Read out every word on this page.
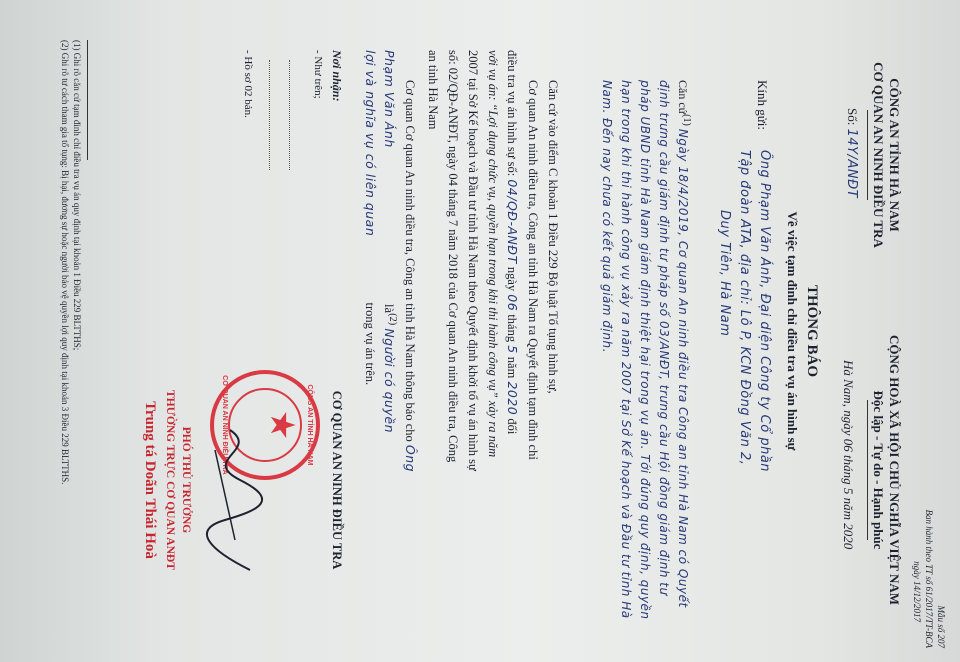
Mẫu số 207
Ban hành theo TT số 61/2017/TT-BCA
ngày 14/12/2017
CÔNG AN TỈNH HÀ NAM
CƠ QUAN AN NINH ĐIỀU TRA
Số: 14Y/ANĐT
CỘNG HOÀ XÃ HỘI CHỦ NGHĨA VIỆT NAM
Độc lập - Tự do - Hạnh phúc
Hà Nam, ngày 06 tháng 5 năm 2020
THÔNG BÁO
Về việc tạm đình chỉ điều tra vụ án hình sự
Kính gửi:
Ông Phạm Văn Ánh, Đại diện Công ty Cổ phần
Tập đoàn ATA, địa chỉ: Lô P, KCN Đồng Văn 2,
Duy Tiên, Hà Nam
Căn cứ$^{(1)}$ Ngày 18/4/2019, Cơ quan An ninh điều tra Công an tỉnh Hà Nam có Quyết định trưng cầu giám định tư pháp số 03/ANĐT, trưng cầu Hội đồng giám định tư pháp UBND tỉnh Hà Nam giám định thiệt hại trong vụ án. Tới đúng quy định, quyền hạn trong khi thi hành công vụ xảy ra năm 2007 tại Sở Kế hoạch và Đầu tư tỉnh Hà Nam. Đến nay chưa có kết quả giám định.
Căn cứ vào điểm C khoản 1 Điều 229 Bộ luật Tố tụng hình sự,
Cơ quan An ninh điều tra, Công an tỉnh Hà Nam ra Quyết định tạm đình chỉ
điều tra vụ án hình sự số: 04/QĐ-ANĐT ngày 06 tháng 5 năm 2020 đối
với vụ án: “Lợi dụng chức vụ, quyền hạn trong khi thi hành công vụ” xảy ra năm
2007 tại Sở Kế hoạch và Đầu tư tỉnh Hà Nam theo Quyết định khởi tố vụ án hình sự
số: 02/QĐ-ANĐT, ngày 04 tháng 7 năm 2018 của Cơ quan An ninh điều tra, Công
an tỉnh Hà Nam
Cơ quan Cơ quan An ninh điều tra, Công an tỉnh Hà Nam thông báo cho Ông
Phạm Văn Ánh  $là^{(2)}$ Người có quyền
lợi và nghĩa vụ có liên quan  trong vụ án trên.
Nơi nhận:
- Như trên;
- Hồ sơ 02 bản.
CƠ QUAN AN NINH ĐIỀU TRA
PHÓ THỦ TRƯỞNG
THƯỜNG TRỰC CƠ QUAN ANĐT
Trung tá Doãn Thái Hoà	CÔNG AN TỈNH HÀ NAM
★
CƠ QUAN AN NINH ĐIỀU TRA
(1) Ghi rõ căn cứ tạm đình chỉ điều tra vụ án quy định tại khoản 1 Điều 229 BLTTHS;
(2) Ghi rõ tư cách tham gia tố tụng: Bị hại, đương sự hoặc người bảo vệ quyền lợi quy định tại khoản 3 Điều 229 BLTTHS.
